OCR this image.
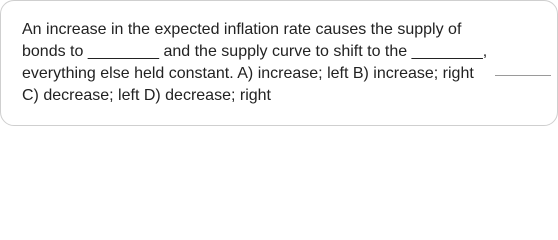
An increase in the expected inflation rate causes the supply of
bonds to ________ and the supply curve to shift to the ________,
everything else held constant. A) increase; left B) increase; right
C) decrease; left D) decrease; right
